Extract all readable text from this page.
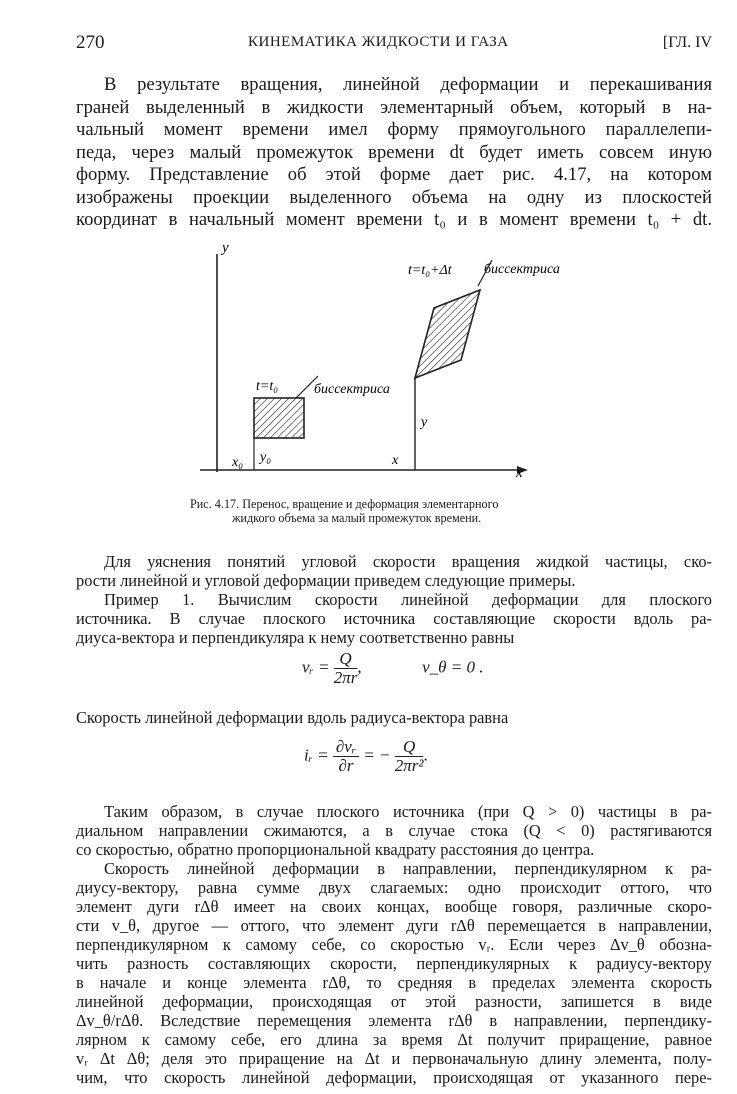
270	КИНЕМАТИКА ЖИДКОСТИ И ГАЗА	[ГЛ. IV
В результате вращения, линейной деформации и перекашивания
граней выделенный в жидкости элементарный объем, который в на-
чальный момент времени имел форму прямоугольного параллелепи-
педа, через малый промежуток времени dt будет иметь совсем иную
форму. Представление об этой форме дает рис. 4.17, на котором
изображены проекции выделенного объема на одну из плоскостей
координат в начальный момент времени t₀ и в момент времени t₀ + dt.
y
x
x₀ y₀
t=t₀	биссектриса
x
y
t=t₀+Δt биссектриса
Рис. 4.17. Перенос, вращение и деформация элементарного
жидкого объема за малый промежуток времени.
Для уяснения понятий угловой скорости вращения жидкой частицы, ско-
рости линейной и угловой деформации приведем следующие примеры.
Пример 1. Вычислим скорости линейной деформации для плоского
источника. В случае плоского источника составляющие скорости вдоль ра-
диуса-вектора и перпендикуляра к нему соответственно равны
vᵣ = $\frac{Q}{2\pi r}$ ,	v_θ = 0 .
Скорость линейной деформации вдоль радиуса-вектора равна
iᵣ = $\frac{\text{∂vᵣ}}{\partial r}$ = − $\frac{Q}{\text{2πr²}}$ .
Таким образом, в случае плоского источника (при Q > 0) частицы в ра-
диальном направлении сжимаются, а в случае стока (Q < 0) растягиваются
со скоростью, обратно пропорциональной квадрату расстояния до центра.
Скорость линейной деформации в направлении, перпендикулярном к ра-
диусу-вектору, равна сумме двух слагаемых: одно происходит оттого, что
элемент дуги rΔθ имеет на своих концах, вообще говоря, различные скоро-
сти v_θ, другое — оттого, что элемент дуги rΔθ перемещается в направлении,
перпендикулярном к самому себе, со скоростью vᵣ. Если через Δv_θ обозна-
чить разность составляющих скорости, перпендикулярных к радиусу-вектору
в начале и конце элемента rΔθ, то средняя в пределах элемента скорость
линейной деформации, происходящая от этой разности, запишется в виде
Δv_θ/rΔθ. Вследствие перемещения элемента rΔθ в направлении, перпендику-
лярном к самому себе, его длина за время Δt получит приращение, равное
vᵣ Δt Δθ; деля это приращение на Δt и первоначальную длину элемента, полу-
чим, что скорость линейной деформации, происходящая от указанного пере-
